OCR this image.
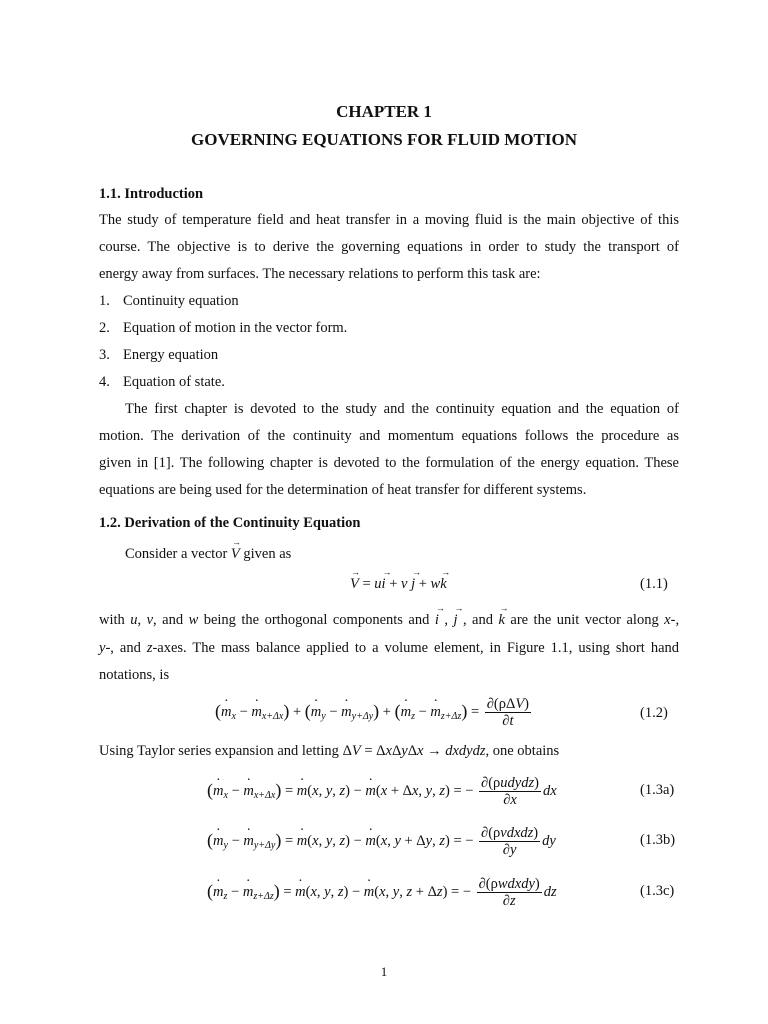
CHAPTER 1
GOVERNING EQUATIONS FOR FLUID MOTION
1.1. Introduction
The study of temperature field and heat transfer in a moving fluid is the main objective of this
course. The objective is to derive the governing equations in order to study the transport of
energy away from surfaces. The necessary relations to perform this task are:
1. Continuity equation
2. Equation of motion in the vector form.
3. Energy equation
4. Equation of state.
The first chapter is devoted to the study and the continuity equation and the equation of
motion. The derivation of the continuity and momentum equations follows the procedure as
given in [1]. The following chapter is devoted to the formulation of the energy equation. These
equations are being used for the determination of heat transfer for different systems.
1.2. Derivation of the Continuity Equation
Consider a vector → V given as
→ V = u→ i + v → j + w→ k	(1.1)
with u, v, and w being the orthogonal components and → i , → j , and → k are the unit vector along x-,
y-, and z-axes. The mass balance applied to a volume element, in Figure 1.1, using short hand
notations, is
(· $m_x$ − · $m_{x+\Delta x}$) + (· $m_y$ − · $m_{y+\Delta y}$) + (· $m_z$ − · $m_{z+\Delta z}) = \frac{\text{∂(ρΔV)}}{\partial t}$	(1.2)
Using Taylor series expansion and letting ΔV = ΔxΔyΔx → dxdydz, one obtains
(· $m_x$ − · $m_{x+\Delta x}$) = · m(x, y, z) − · m(x + Δx, y, z) = − $\frac{\text{∂(ρudydz)}}{\partial x}$ dx	(1.3a)
(· $m_y$ − · $m_{y+\Delta y}$) = · m(x, y, z) − · m(x, y + Δy, z) = − $\frac{\text{∂(ρvdxdz)}}{\partial y}$ dy	(1.3b)
(· $m_z$ − · $m_{z+\Delta z}$) = · m(x, y, z) − · m(x, y, z + Δz) = − $\frac{\text{∂(ρwdxdy)}}{\partial z}$ dz	(1.3c)
1
